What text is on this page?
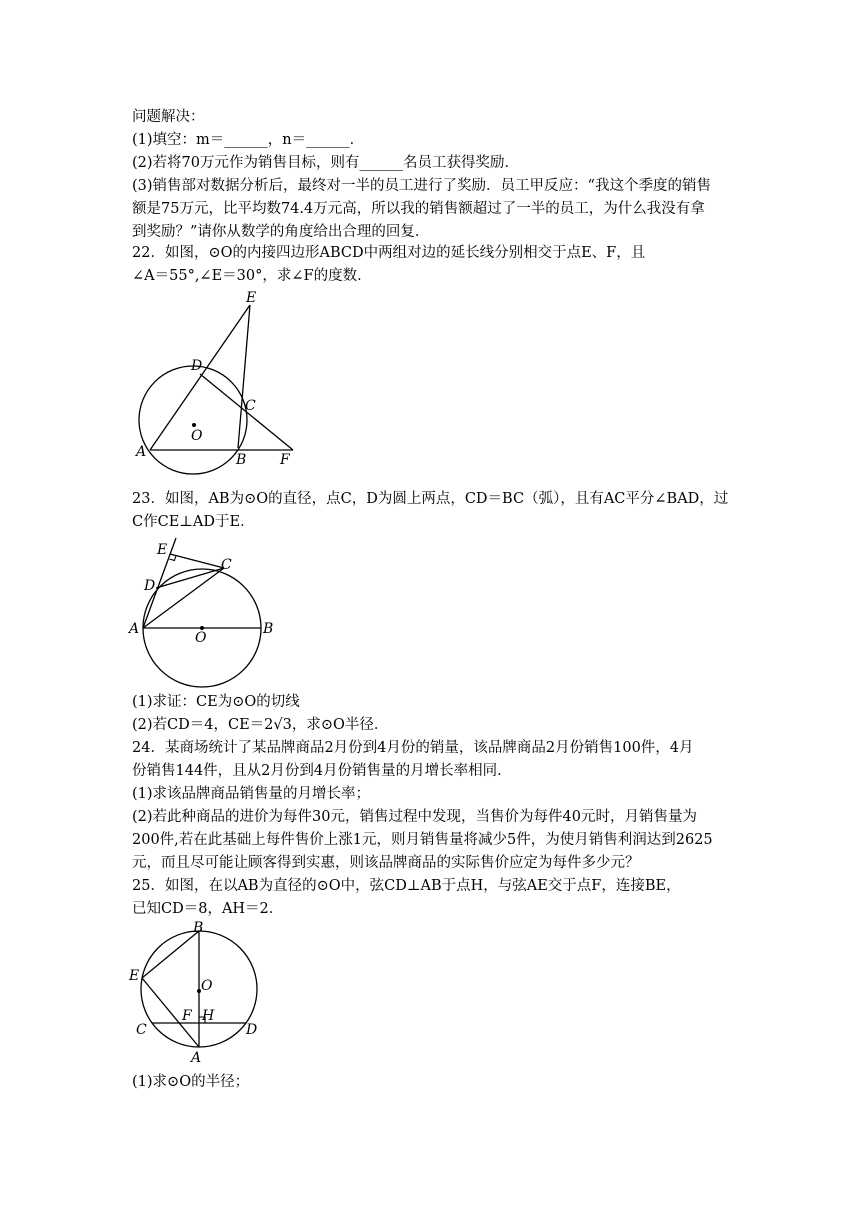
问题解决：
(1)填空：m＝______，n＝______．
(2)若将70万元作为销售目标，则有______名员工获得奖励．
(3)销售部对数据分析后，最终对一半的员工进行了奖励．员工甲反应：“我这个季度的销售
额是75万元，比平均数74.4万元高，所以我的销售额超过了一半的员工，为什么我没有拿
到奖励？”请你从数学的角度给出合理的回复．
22．如图，⊙O的内接四边形ABCD中两组对边的延长线分别相交于点E、F，且
∠A＝55°,∠E＝30°，求∠F的度数．
E
D
C
O
A	B F
23．如图，AB为⊙O的直径，点C，D为圆上两点，CD＝BC（弧），且有AC平分∠BAD，过
C作CE⊥AD于E．
E
D
C
A
O
B
(1)求证：CE为⊙O的切线
(2)若CD＝4，CE＝2√3，求⊙O半径．
24．某商场统计了某品牌商品2月份到4月份的销量，该品牌商品2月份销售100件，4月
份销售144件，且从2月份到4月份销售量的月增长率相同．
(1)求该品牌商品销售量的月增长率；
(2)若此种商品的进价为每件30元，销售过程中发现，当售价为每件40元时，月销售量为
200件,若在此基础上每件售价上涨1元，则月销售量将减少5件，为使月销售利润达到2625
元，而且尽可能让顾客得到实惠，则该品牌商品的实际售价应定为每件多少元？
25．如图，在以AB为直径的⊙O中，弦CD⊥AB于点H，与弦AE交于点F，连接BE，
已知CD＝8，AH＝2．
B
E
O
F H
C	D
A
(1)求⊙O的半径；
